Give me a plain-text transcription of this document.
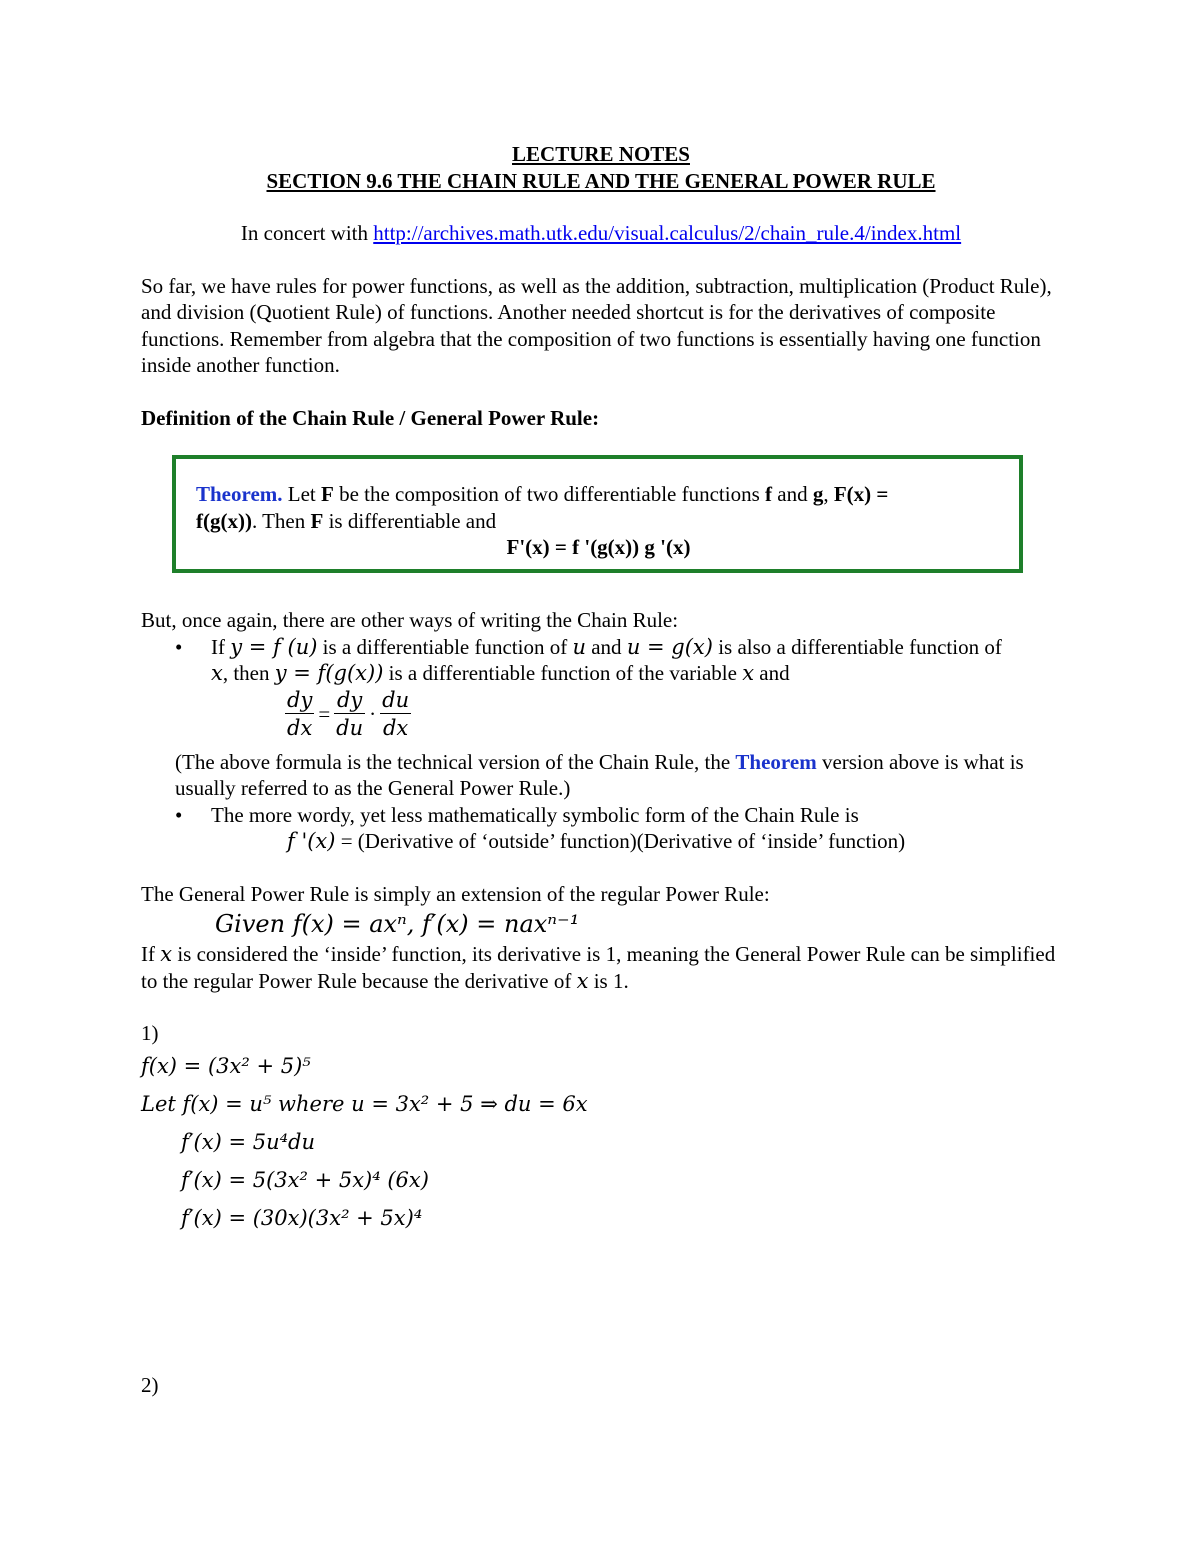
LECTURE NOTES
SECTION 9.6 THE CHAIN RULE AND THE GENERAL POWER RULE
In concert with http://archives.math.utk.edu/visual.calculus/2/chain_rule.4/index.html
So far, we have rules for power functions, as well as the addition, subtraction, multiplication (Product Rule), and division (Quotient Rule) of functions. Another needed shortcut is for the derivatives of composite functions. Remember from algebra that the composition of two functions is essentially having one function inside another function.
Definition of the Chain Rule / General Power Rule:
Theorem. Let F be the composition of two differentiable functions f and g, F(x) =
f(g(x)). Then F is differentiable and
F'(x) = f '(g(x)) g '(x)
But, once again, there are other ways of writing the Chain Rule:
• If y = f (u) is a differentiable function of u and u = g(x) is also a differentiable function of
x, then y = f(g(x)) is a differentiable function of the variable x and
$\frac{dy}{dx} = \frac{dy}{du} \cdot \frac{du}{dx}$
(The above formula is the technical version of the Chain Rule, the Theorem version above is what is usually referred to as the General Power Rule.)
• The more wordy, yet less mathematically symbolic form of the Chain Rule is
f '(x) = (Derivative of ‘outside’ function)(Derivative of ‘inside’ function)
The General Power Rule is simply an extension of the regular Power Rule:
Given f(x) = axⁿ, f′(x) = naxⁿ⁻¹
If x is considered the ‘inside’ function, its derivative is 1, meaning the General Power Rule can be simplified to the regular Power Rule because the derivative of x is 1.
1)
f(x) = (3x² + 5)⁵
Let f(x) = u⁵ where u = 3x² + 5 ⇒ du = 6x
f′(x) = 5u⁴du
f′(x) = 5(3x² + 5x)⁴ (6x)
f′(x) = (30x)(3x² + 5x)⁴
2)
